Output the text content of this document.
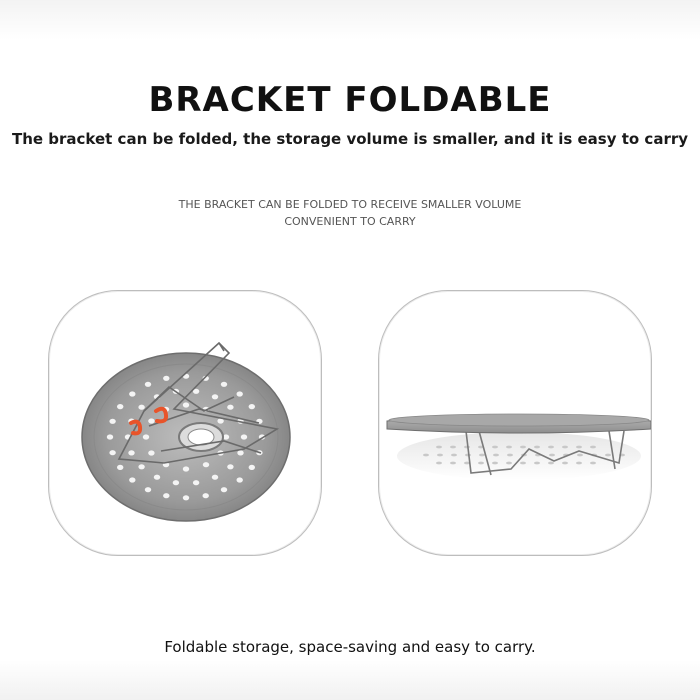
BRACKET FOLDABLE
The bracket can be folded, the storage volume is smaller, and it is easy to carry
THE BRACKET CAN BE FOLDED TO RECEIVE SMALLER VOLUME
CONVENIENT TO CARRY
Foldable storage, space-saving and easy to carry.
